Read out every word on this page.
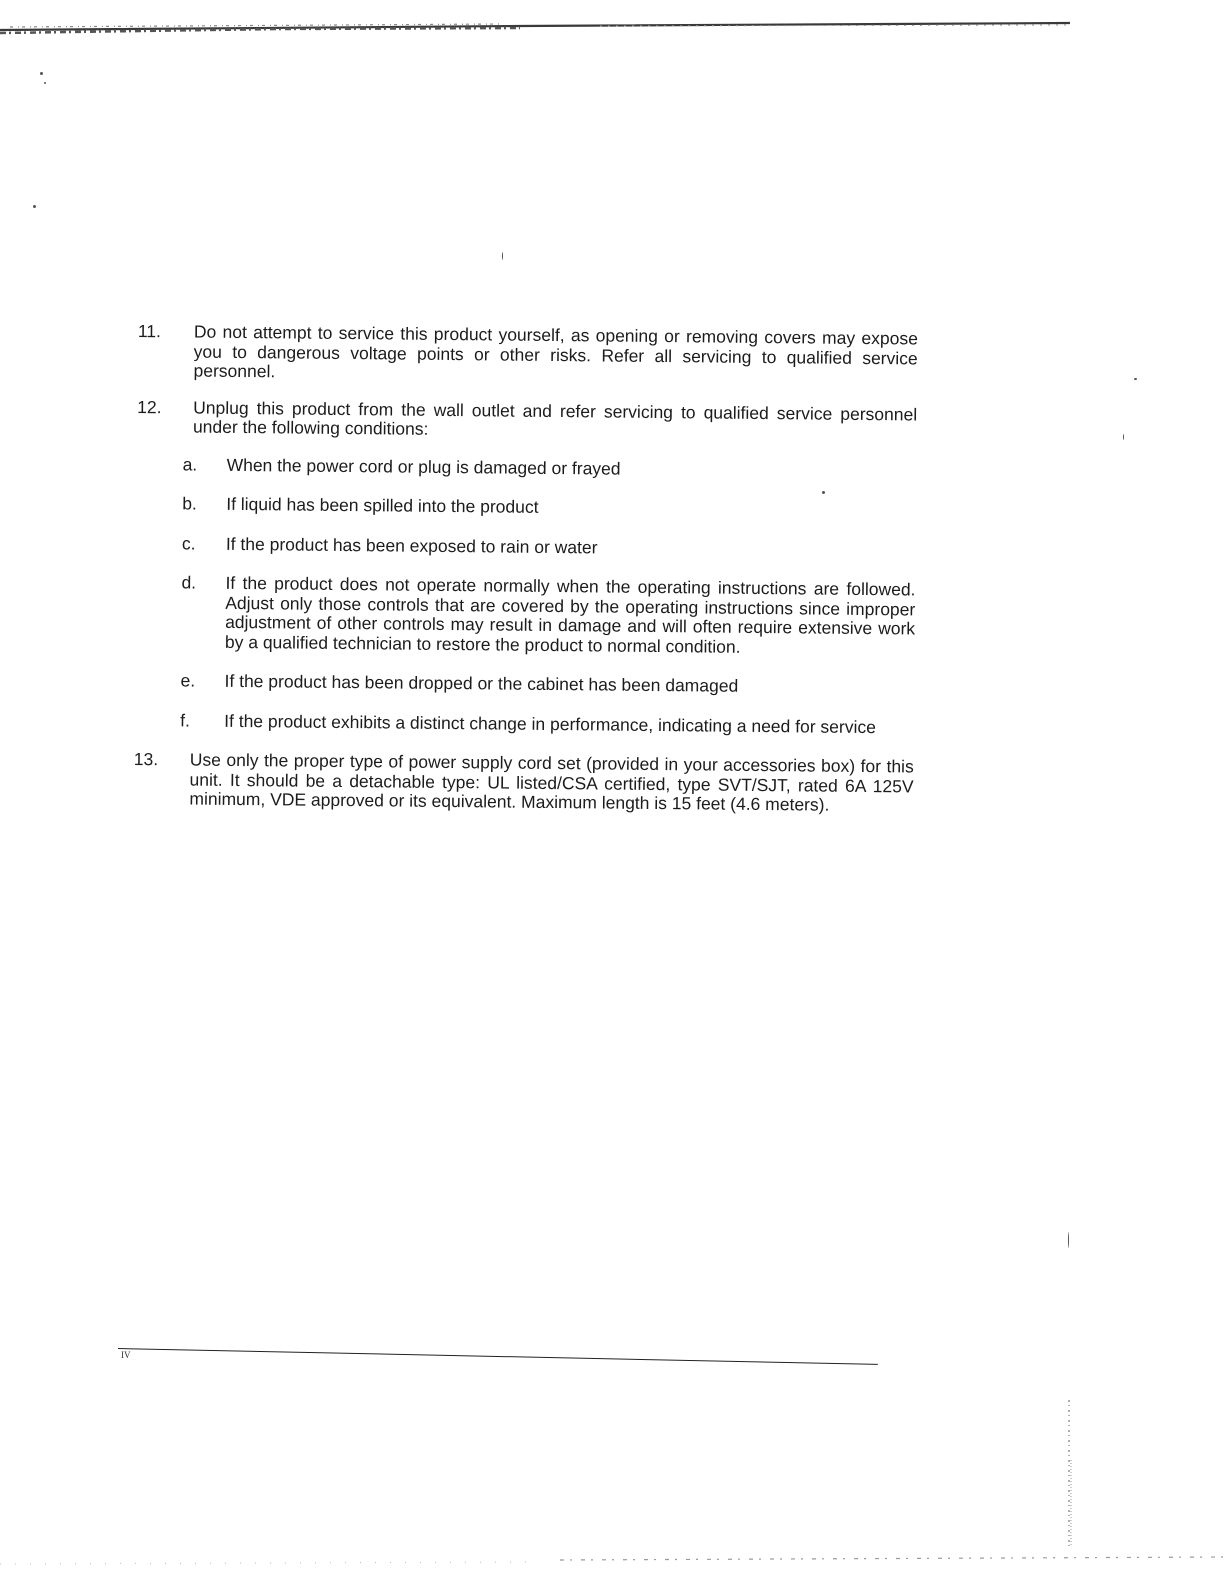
11. Do not attempt to service this product yourself, as opening or removing covers may expose you to dangerous voltage points or other risks. Refer all servicing to qualified service personnel.
12. Unplug this product from the wall outlet and refer servicing to qualified service personnel under the following conditions:
a. When the power cord or plug is damaged or frayed
b. If liquid has been spilled into the product
c. If the product has been exposed to rain or water
d. If the product does not operate normally when the operating instructions are followed. Adjust only those controls that are covered by the operating instructions since improper adjustment of other controls may result in damage and will often require extensive work by a qualified technician to restore the product to normal condition.
e. If the product has been dropped or the cabinet has been damaged
f. If the product exhibits a distinct change in performance, indicating a need for service
13. Use only the proper type of power supply cord set (provided in your accessories box) for this unit. It should be a detachable type: UL listed/CSA certified, type SVT/SJT, rated 6A 125V minimum, VDE approved or its equivalent. Maximum length is 15 feet (4.6 meters).
IV
